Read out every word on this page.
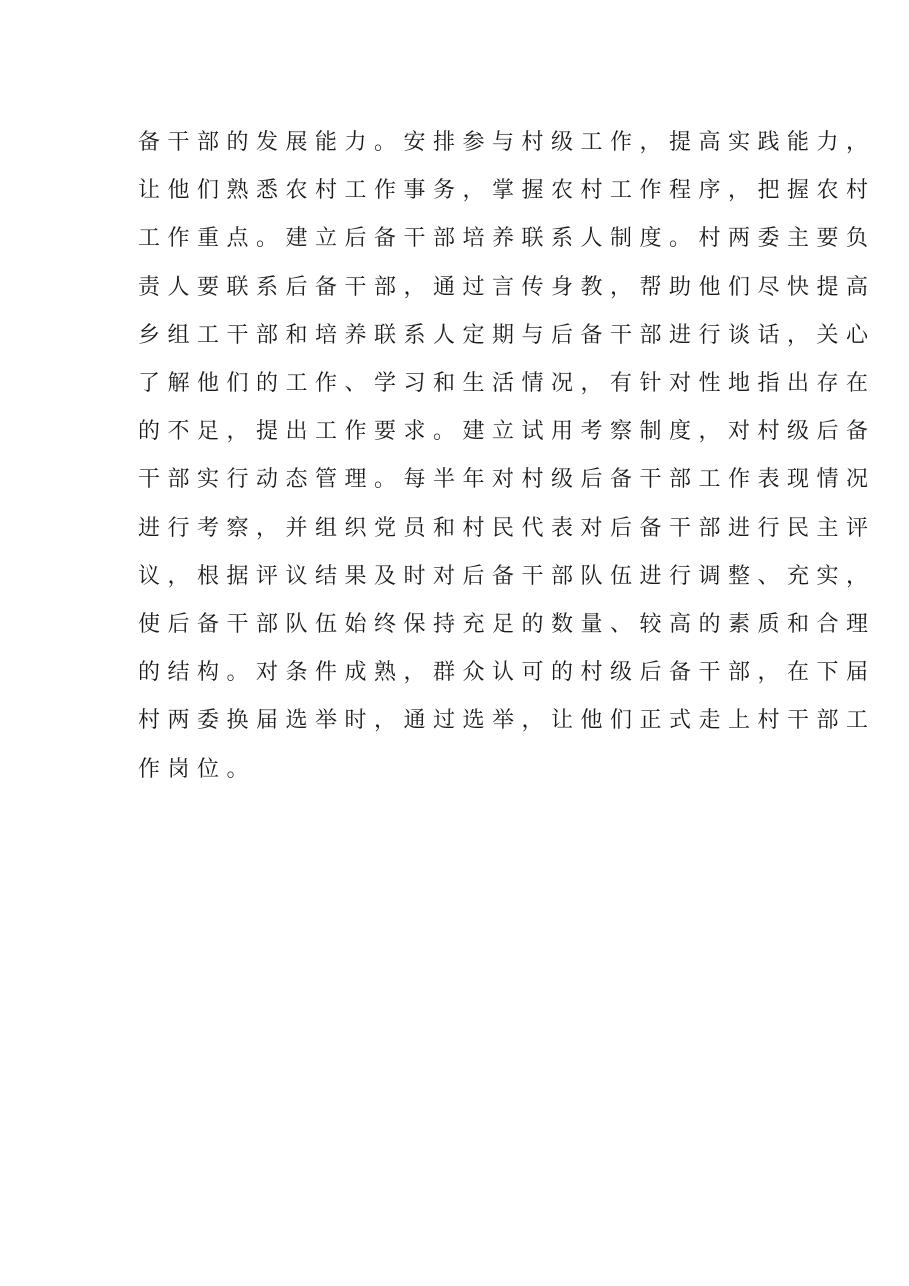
备干部的发展能力。安排参与村级工作，提高实践能力，
让他们熟悉农村工作事务，掌握农村工作程序，把握农村
工作重点。建立后备干部培养联系人制度。村两委主要负
责人要联系后备干部，通过言传身教，帮助他们尽快提高
乡组工干部和培养联系人定期与后备干部进行谈话，关心
了解他们的工作、学习和生活情况，有针对性地指出存在
的不足，提出工作要求。建立试用考察制度，对村级后备
干部实行动态管理。每半年对村级后备干部工作表现情况
进行考察，并组织党员和村民代表对后备干部进行民主评
议，根据评议结果及时对后备干部队伍进行调整、充实，
使后备干部队伍始终保持充足的数量、较高的素质和合理
的结构。对条件成熟，群众认可的村级后备干部，在下届
村两委换届选举时，通过选举，让他们正式走上村干部工
作岗位。
